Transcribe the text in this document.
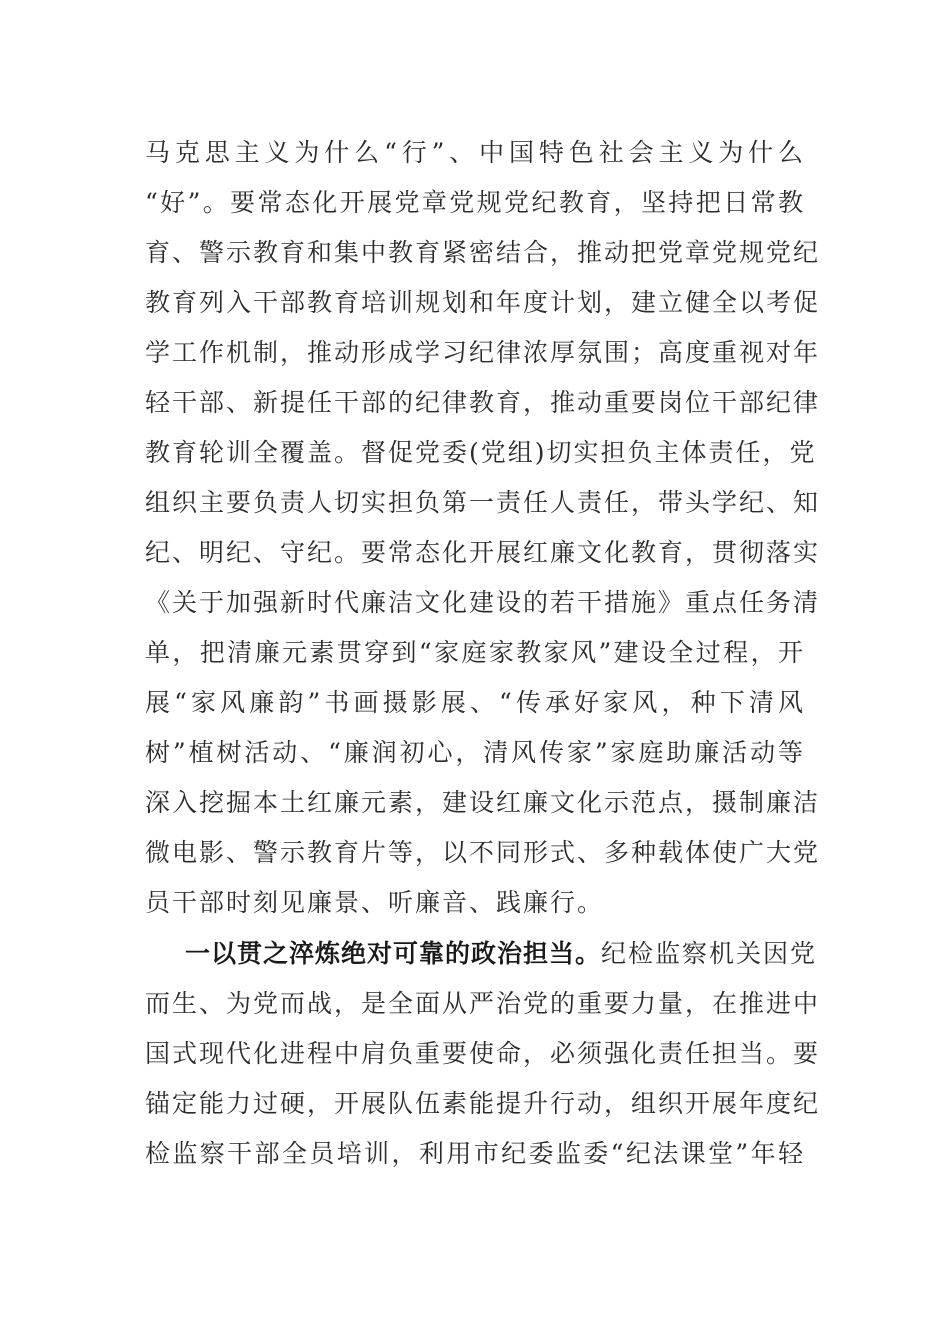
马克思主义为什么“行”、中国特色社会主义为什么
“好”。要常态化开展党章党规党纪教育，坚持把日常教
育、警示教育和集中教育紧密结合，推动把党章党规党纪
教育列入干部教育培训规划和年度计划，建立健全以考促
学工作机制，推动形成学习纪律浓厚氛围；高度重视对年
轻干部、新提任干部的纪律教育，推动重要岗位干部纪律
教育轮训全覆盖。督促党委(党组)切实担负主体责任，党
组织主要负责人切实担负第一责任人责任，带头学纪、知
纪、明纪、守纪。要常态化开展红廉文化教育，贯彻落实
《关于加强新时代廉洁文化建设的若干措施》重点任务清
单，把清廉元素贯穿到“家庭家教家风”建设全过程，开
展“家风廉韵”书画摄影展、“传承好家风，种下清风
树”植树活动、“廉润初心，清风传家”家庭助廉活动等
深入挖掘本土红廉元素，建设红廉文化示范点，摄制廉洁
微电影、警示教育片等，以不同形式、多种载体使广大党
员干部时刻见廉景、听廉音、践廉行。
一以贯之淬炼绝对可靠的政治担当。纪检监察机关因党
而生、为党而战，是全面从严治党的重要力量，在推进中
国式现代化进程中肩负重要使命，必须强化责任担当。要
锚定能力过硬，开展队伍素能提升行动，组织开展年度纪
检监察干部全员培训，利用市纪委监委“纪法课堂”年轻
